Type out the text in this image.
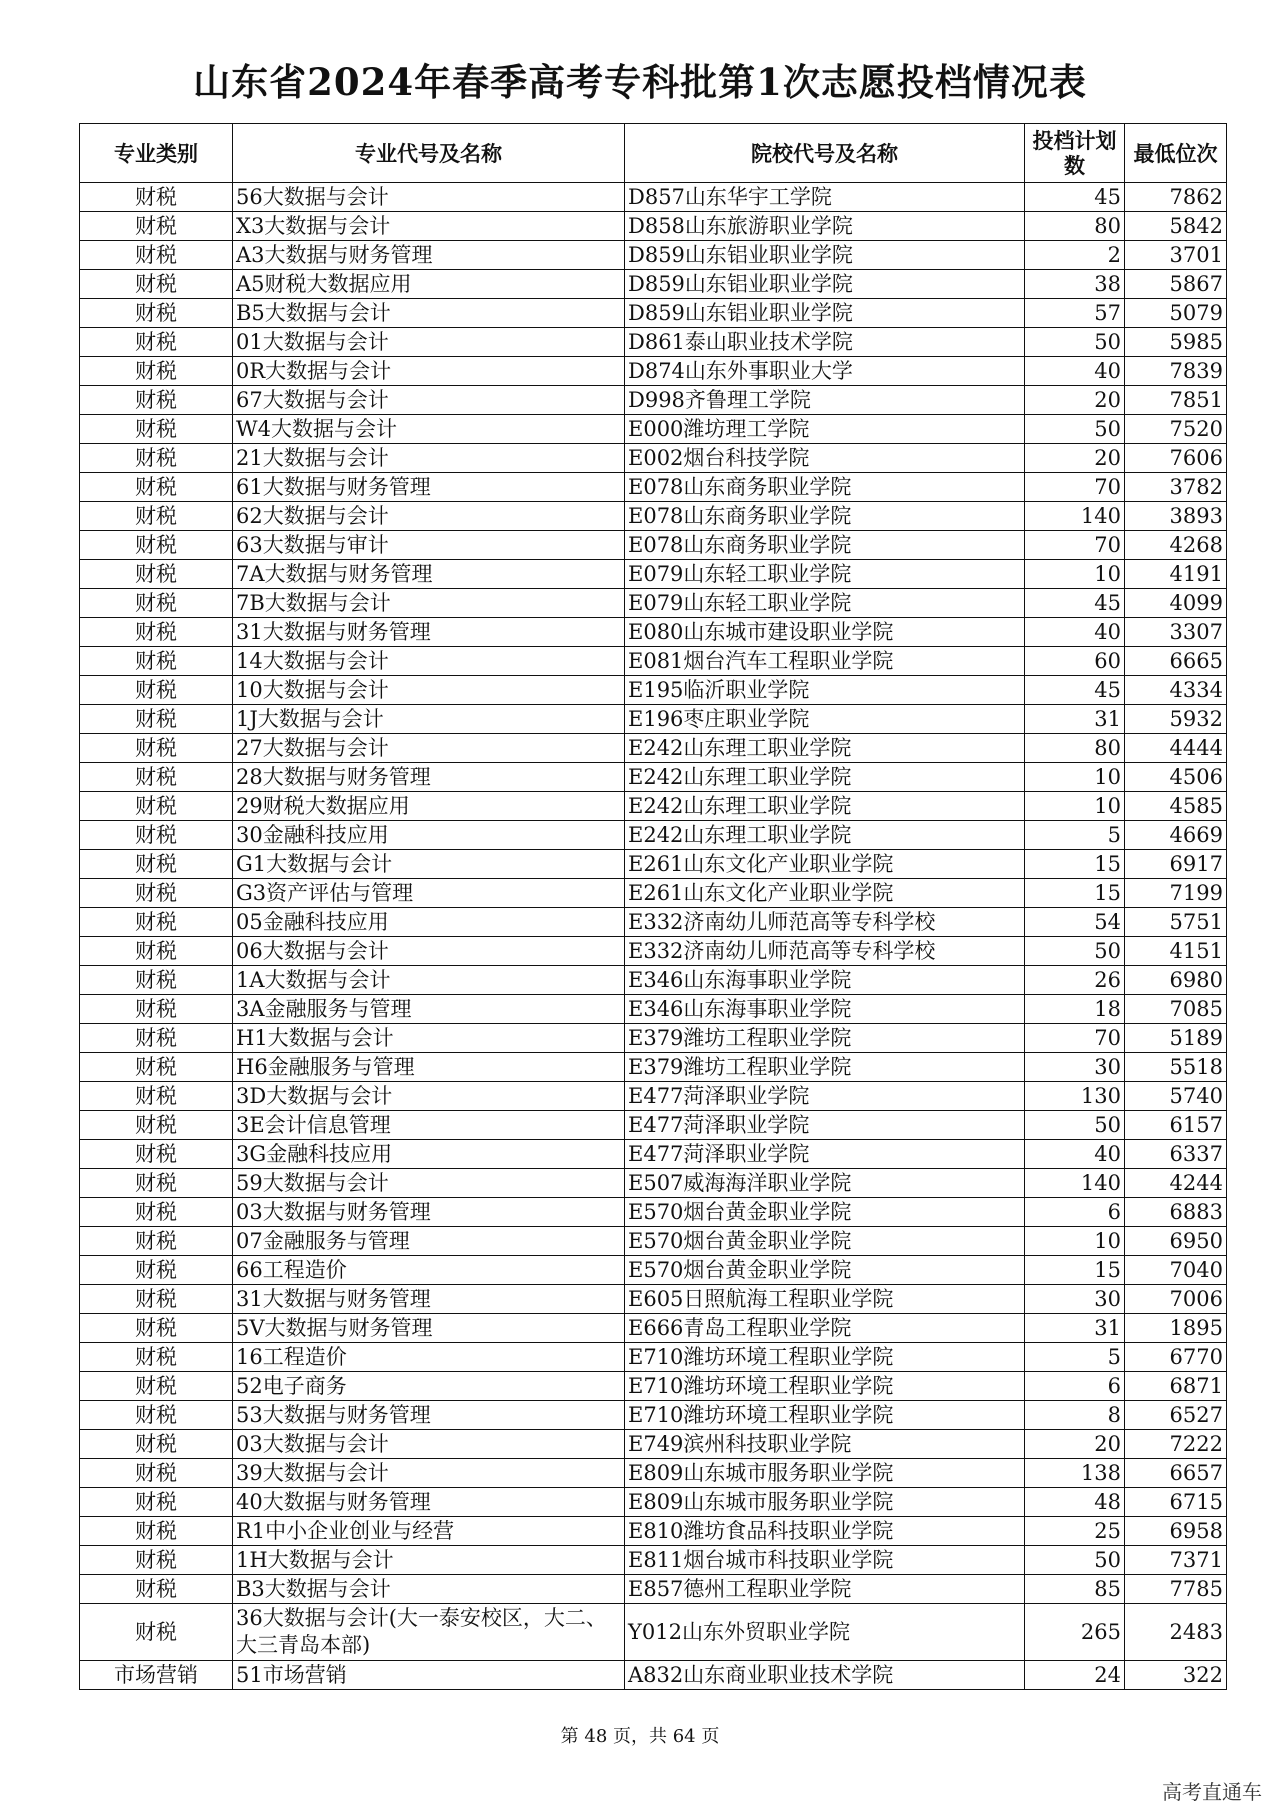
山东省2024年春季高考专科批第1次志愿投档情况表
专业类别	专业代号及名称	院校代号及名称	投档计划数	最低位次
财税	56大数据与会计	D857山东华宇工学院	45	7862
财税	X3大数据与会计	D858山东旅游职业学院	80	5842
财税	A3大数据与财务管理	D859山东铝业职业学院	2	3701
财税	A5财税大数据应用	D859山东铝业职业学院	38	5867
财税	B5大数据与会计	D859山东铝业职业学院	57	5079
财税	01大数据与会计	D861泰山职业技术学院	50	5985
财税	0R大数据与会计	D874山东外事职业大学	40	7839
财税	67大数据与会计	D998齐鲁理工学院	20	7851
财税	W4大数据与会计	E000潍坊理工学院	50	7520
财税	21大数据与会计	E002烟台科技学院	20	7606
财税	61大数据与财务管理	E078山东商务职业学院	70	3782
财税	62大数据与会计	E078山东商务职业学院	140	3893
财税	63大数据与审计	E078山东商务职业学院	70	4268
财税	7A大数据与财务管理	E079山东轻工职业学院	10	4191
财税	7B大数据与会计	E079山东轻工职业学院	45	4099
财税	31大数据与财务管理	E080山东城市建设职业学院	40	3307
财税	14大数据与会计	E081烟台汽车工程职业学院	60	6665
财税	10大数据与会计	E195临沂职业学院	45	4334
财税	1J大数据与会计	E196枣庄职业学院	31	5932
财税	27大数据与会计	E242山东理工职业学院	80	4444
财税	28大数据与财务管理	E242山东理工职业学院	10	4506
财税	29财税大数据应用	E242山东理工职业学院	10	4585
财税	30金融科技应用	E242山东理工职业学院	5	4669
财税	G1大数据与会计	E261山东文化产业职业学院	15	6917
财税	G3资产评估与管理	E261山东文化产业职业学院	15	7199
财税	05金融科技应用	E332济南幼儿师范高等专科学校	54	5751
财税	06大数据与会计	E332济南幼儿师范高等专科学校	50	4151
财税	1A大数据与会计	E346山东海事职业学院	26	6980
财税	3A金融服务与管理	E346山东海事职业学院	18	7085
财税	H1大数据与会计	E379潍坊工程职业学院	70	5189
财税	H6金融服务与管理	E379潍坊工程职业学院	30	5518
财税	3D大数据与会计	E477菏泽职业学院	130	5740
财税	3E会计信息管理	E477菏泽职业学院	50	6157
财税	3G金融科技应用	E477菏泽职业学院	40	6337
财税	59大数据与会计	E507威海海洋职业学院	140	4244
财税	03大数据与财务管理	E570烟台黄金职业学院	6	6883
财税	07金融服务与管理	E570烟台黄金职业学院	10	6950
财税	66工程造价	E570烟台黄金职业学院	15	7040
财税	31大数据与财务管理	E605日照航海工程职业学院	30	7006
财税	5V大数据与财务管理	E666青岛工程职业学院	31	1895
财税	16工程造价	E710潍坊环境工程职业学院	5	6770
财税	52电子商务	E710潍坊环境工程职业学院	6	6871
财税	53大数据与财务管理	E710潍坊环境工程职业学院	8	6527
财税	03大数据与会计	E749滨州科技职业学院	20	7222
财税	39大数据与会计	E809山东城市服务职业学院	138	6657
财税	40大数据与财务管理	E809山东城市服务职业学院	48	6715
财税	R1中小企业创业与经营	E810潍坊食品科技职业学院	25	6958
财税	1H大数据与会计	E811烟台城市科技职业学院	50	7371
财税	B3大数据与会计	E857德州工程职业学院	85	7785
财税	36大数据与会计(大一泰安校区，大二、大三青岛本部)	Y012山东外贸职业学院	265	2483
市场营销	51市场营销	A832山东商业职业技术学院	24	322
第 48 页，共 64 页
高考直通车
